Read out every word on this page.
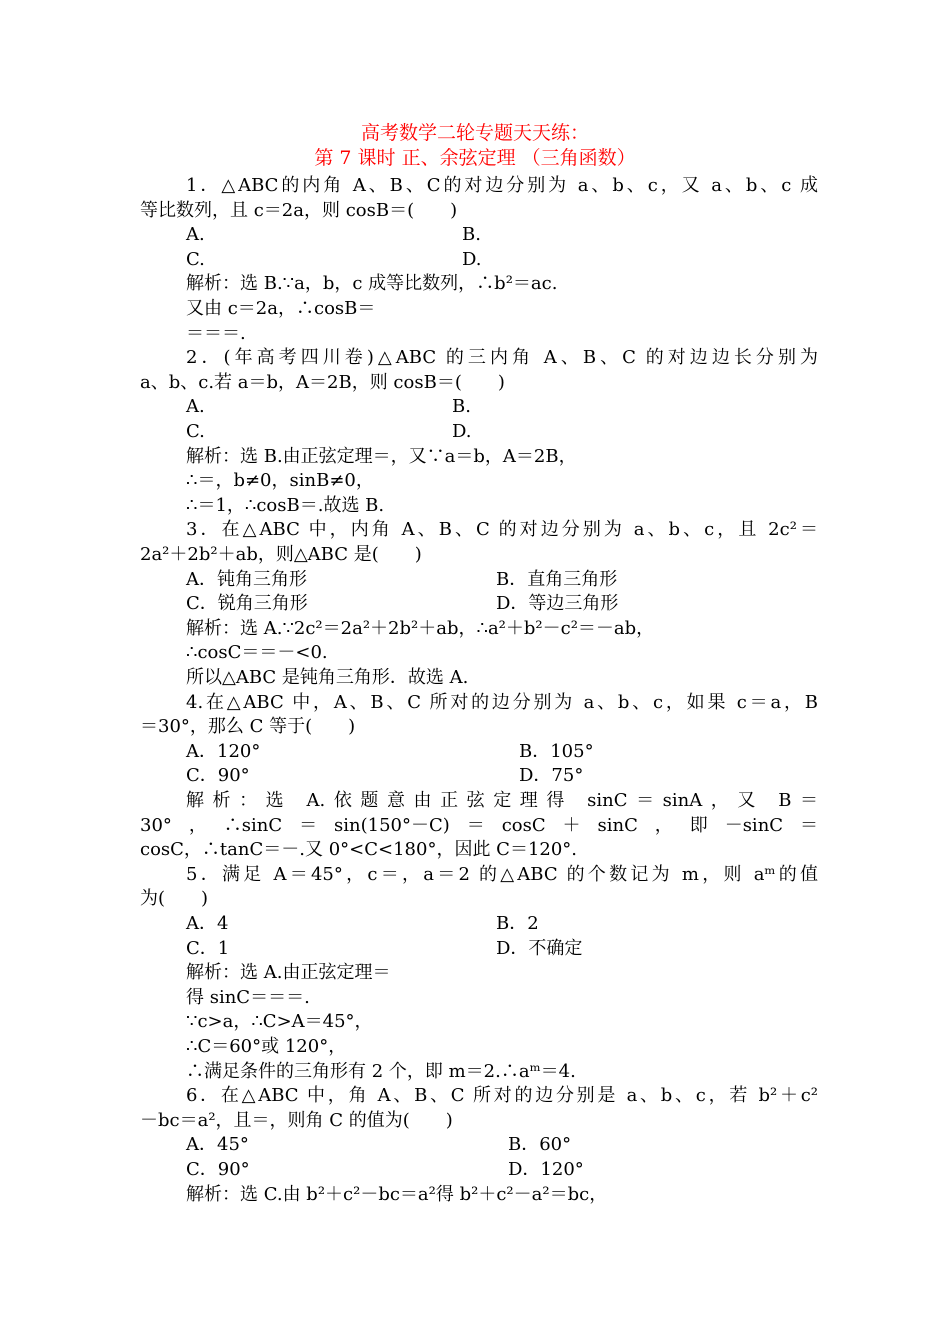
高考数学二轮专题天天练：
第 7 课时 正、余弦定理 （三角函数）
1．△ABC的内角 A、B、C的对边分别为 a、b、c，又 a、b、c 成
等比数列，且 c＝2a，则 cosB＝(　　)
A.	B.
C.	D.
解析：选 B.∵a，b，c 成等比数列，∴b²＝ac.
又由 c＝2a，∴cosB＝
＝＝＝.
2．(年高考四川卷)△ABC 的三内角 A、B、C 的对边边长分别为
a、b、c.若 a＝b，A＝2B，则 cosB＝(　　)
A.	B.
C.	D.
解析：选 B.由正弦定理＝，又∵a＝b，A＝2B，
∴＝，b≠0，sinB≠0，
∴＝1，∴cosB＝.故选 B.
3．在△ABC 中，内角 A、B、C 的对边分别为 a、b、c，且 2c²＝
2a²＋2b²＋ab，则△ABC 是(　　)
A．钝角三角形	B．直角三角形
C．锐角三角形	D．等边三角形
解析：选 A.∵2c²＝2a²＋2b²＋ab，∴a²＋b²－c²＝－ab，
∴cosC＝＝－<0.
所以△ABC 是钝角三角形．故选 A.
4.在△ABC 中，A、B、C 所对的边分别为 a、b、c，如果 c＝a，B
＝30°，那么 C 等于(　　)
A．120°	B．105°
C．90°	D．75°
解析：选 A.依题意由正弦定理得 sinC＝sinA，又 B＝
30°，∴sinC＝sin(150°－C)＝cosC＋sinC，即－sinC＝
cosC，∴tanC＝－.又 0°<C<180°，因此 C＝120°.
5．满足 A＝45°，c＝，a＝2 的△ABC 的个数记为 m，则 aᵐ的值
为(　　)
A．4	B．2
C．1	D．不确定
解析：选 A.由正弦定理＝
得 sinC＝＝＝.
∵c>a，∴C>A＝45°，
∴C＝60°或 120°，
∴满足条件的三角形有 2 个，即 m＝2.∴aᵐ＝4.
6．在△ABC 中，角 A、B、C 所对的边分别是 a、b、c，若 b²＋c²
－bc＝a²，且＝，则角 C 的值为(　　)
A．45°	B．60°
C．90°	D．120°
解析：选 C.由 b²＋c²－bc＝a²得 b²＋c²－a²＝bc，
